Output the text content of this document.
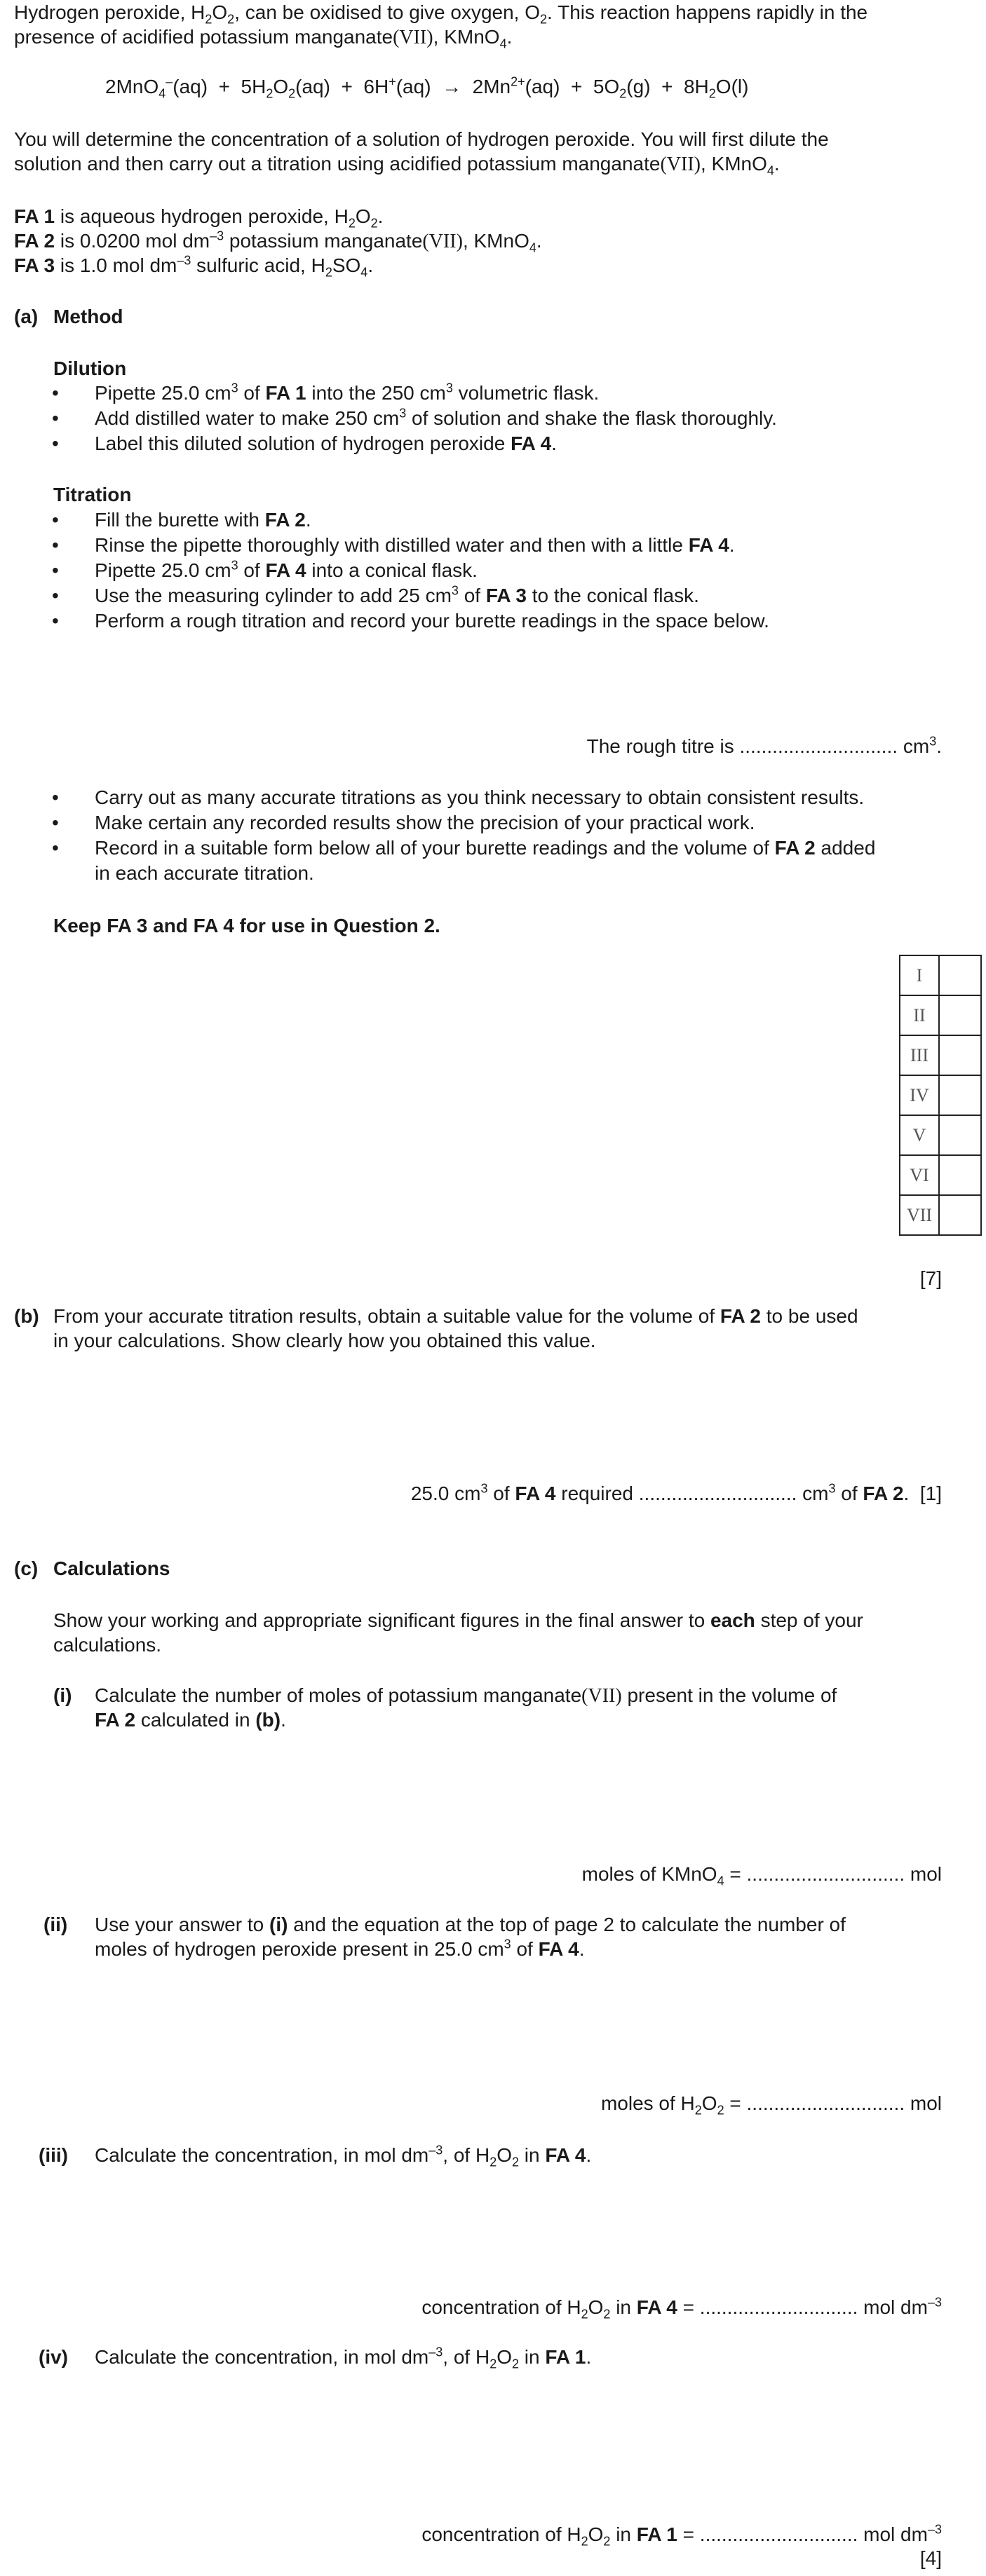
Hydrogen peroxide, $H_2O_2$, can be oxidised to give oxygen, $O_2$. This reaction happens rapidly in the
presence of acidified potassium manganate(VII), KMnO$_4$.
$2MnO_4^-(aq) + 5H_2O_2(aq) + 6H^+(aq) \to 2Mn^{2+}(aq) + 5O_2(g) + 8H_2O(l)$
You will determine the concentration of a solution of hydrogen peroxide. You will first dilute the
solution and then carry out a titration using acidified potassium manganate(VII), KMnO$_4$.
FA 1 is aqueous hydrogen peroxide, $H_2O_2$.
FA 2 is 0.0200 mol $dm^{-3}$ potassium manganate(VII), KMnO$_4$.
FA 3 is 1.0 mol $dm^{-3}$ sulfuric acid, $H_2SO_4$.
(a) Method
Dilution
• Pipette 25.0 $cm^3$ of FA 1 into the 250 $cm^3$ volumetric flask.
• Add distilled water to make 250 $cm^3$ of solution and shake the flask thoroughly.
• Label this diluted solution of hydrogen peroxide FA 4.
Titration
• Fill the burette with FA 2.
• Rinse the pipette thoroughly with distilled water and then with a little FA 4.
• Pipette 25.0 $cm^3$ of FA 4 into a conical flask.
• Use the measuring cylinder to add 25 $cm^3$ of FA 3 to the conical flask.
• Perform a rough titration and record your burette readings in the space below.
The rough titre is ............................. $cm^3$.
• Carry out as many accurate titrations as you think necessary to obtain consistent results.
• Make certain any recorded results show the precision of your practical work.
• Record in a suitable form below all of your burette readings and the volume of FA 2 added
in each accurate titration.
Keep FA 3 and FA 4 for use in Question 2.
I	
II	
III	
IV	
V	
VI	
VII	
[7]
(b) From your accurate titration results, obtain a suitable value for the volume of FA 2 to be used
in your calculations. Show clearly how you obtained this value.
25.0 $cm^3$ of FA 4 required ............................. $cm^3$ of FA 2.  [1]
(c) Calculations
Show your working and appropriate significant figures in the final answer to each step of your
calculations.
(i) Calculate the number of moles of potassium manganate(VII) present in the volume of
FA 2 calculated in (b).
moles of KMnO$_4$ = ............................. mol
(ii) Use your answer to (i) and the equation at the top of page 2 to calculate the number of
moles of hydrogen peroxide present in 25.0 $cm^3$ of FA 4.
moles of $H_2O_2$ = ............................. mol
(iii) Calculate the concentration, in mol $dm^{-3}$, of $H_2O_2$ in FA 4.
concentration of $H_2O_2$ in FA 4 = ............................. mol $dm^{-3}$
(iv) Calculate the concentration, in mol $dm^{-3}$, of $H_2O_2$ in FA 1.
concentration of $H_2O_2$ in FA 1 = ............................. mol $dm^{-3}$
[4]
